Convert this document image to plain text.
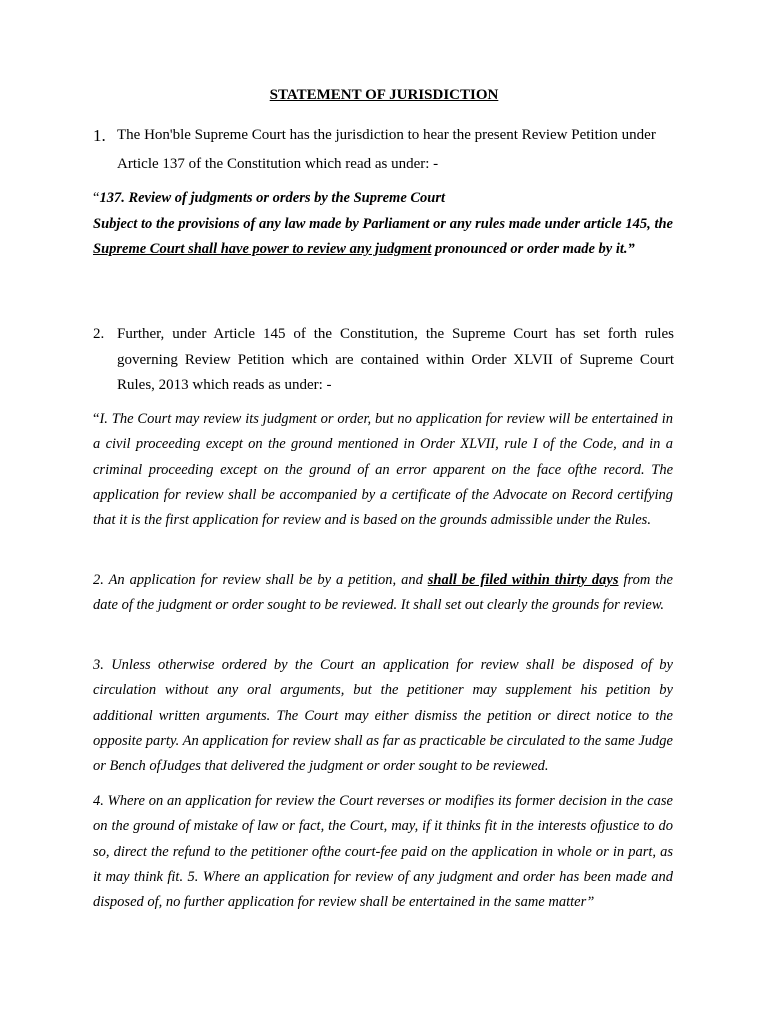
STATEMENT OF JURISDICTION
1. The Hon'ble Supreme Court has the jurisdiction to hear the present Review Petition under Article 137 of the Constitution which read as under: -
“137. Review of judgments or orders by the Supreme Court
Subject to the provisions of any law made by Parliament or any rules made under article 145, the Supreme Court shall have power to review any judgment pronounced or order made by it.”
2. Further, under Article 145 of the Constitution, the Supreme Court has set forth rules governing Review Petition which are contained within Order XLVII of Supreme Court Rules, 2013 which reads as under: -
“I. The Court may review its judgment or order, but no application for review will be entertained in a civil proceeding except on the ground mentioned in Order XLVII, rule I of the Code, and in a criminal proceeding except on the ground of an error apparent on the face ofthe record. The application for review shall be accompanied by a certificate of the Advocate on Record certifying that it is the first application for review and is based on the grounds admissible under the Rules.
2. An application for review shall be by a petition, and shall be filed within thirty days from the date of the judgment or order sought to be reviewed. It shall set out clearly the grounds for review.
3. Unless otherwise ordered by the Court an application for review shall be disposed of by circulation without any oral arguments, but the petitioner may supplement his petition by additional written arguments. The Court may either dismiss the petition or direct notice to the opposite party. An application for review shall as far as practicable be circulated to the same Judge or Bench ofJudges that delivered the judgment or order sought to be reviewed.
4. Where on an application for review the Court reverses or modifies its former decision in the case on the ground of mistake of law or fact, the Court, may, if it thinks fit in the interests ofjustice to do so, direct the refund to the petitioner ofthe court-fee paid on the application in whole or in part, as it may think fit. 5. Where an application for review of any judgment and order has been made and disposed of, no further application for review shall be entertained in the same matter”
